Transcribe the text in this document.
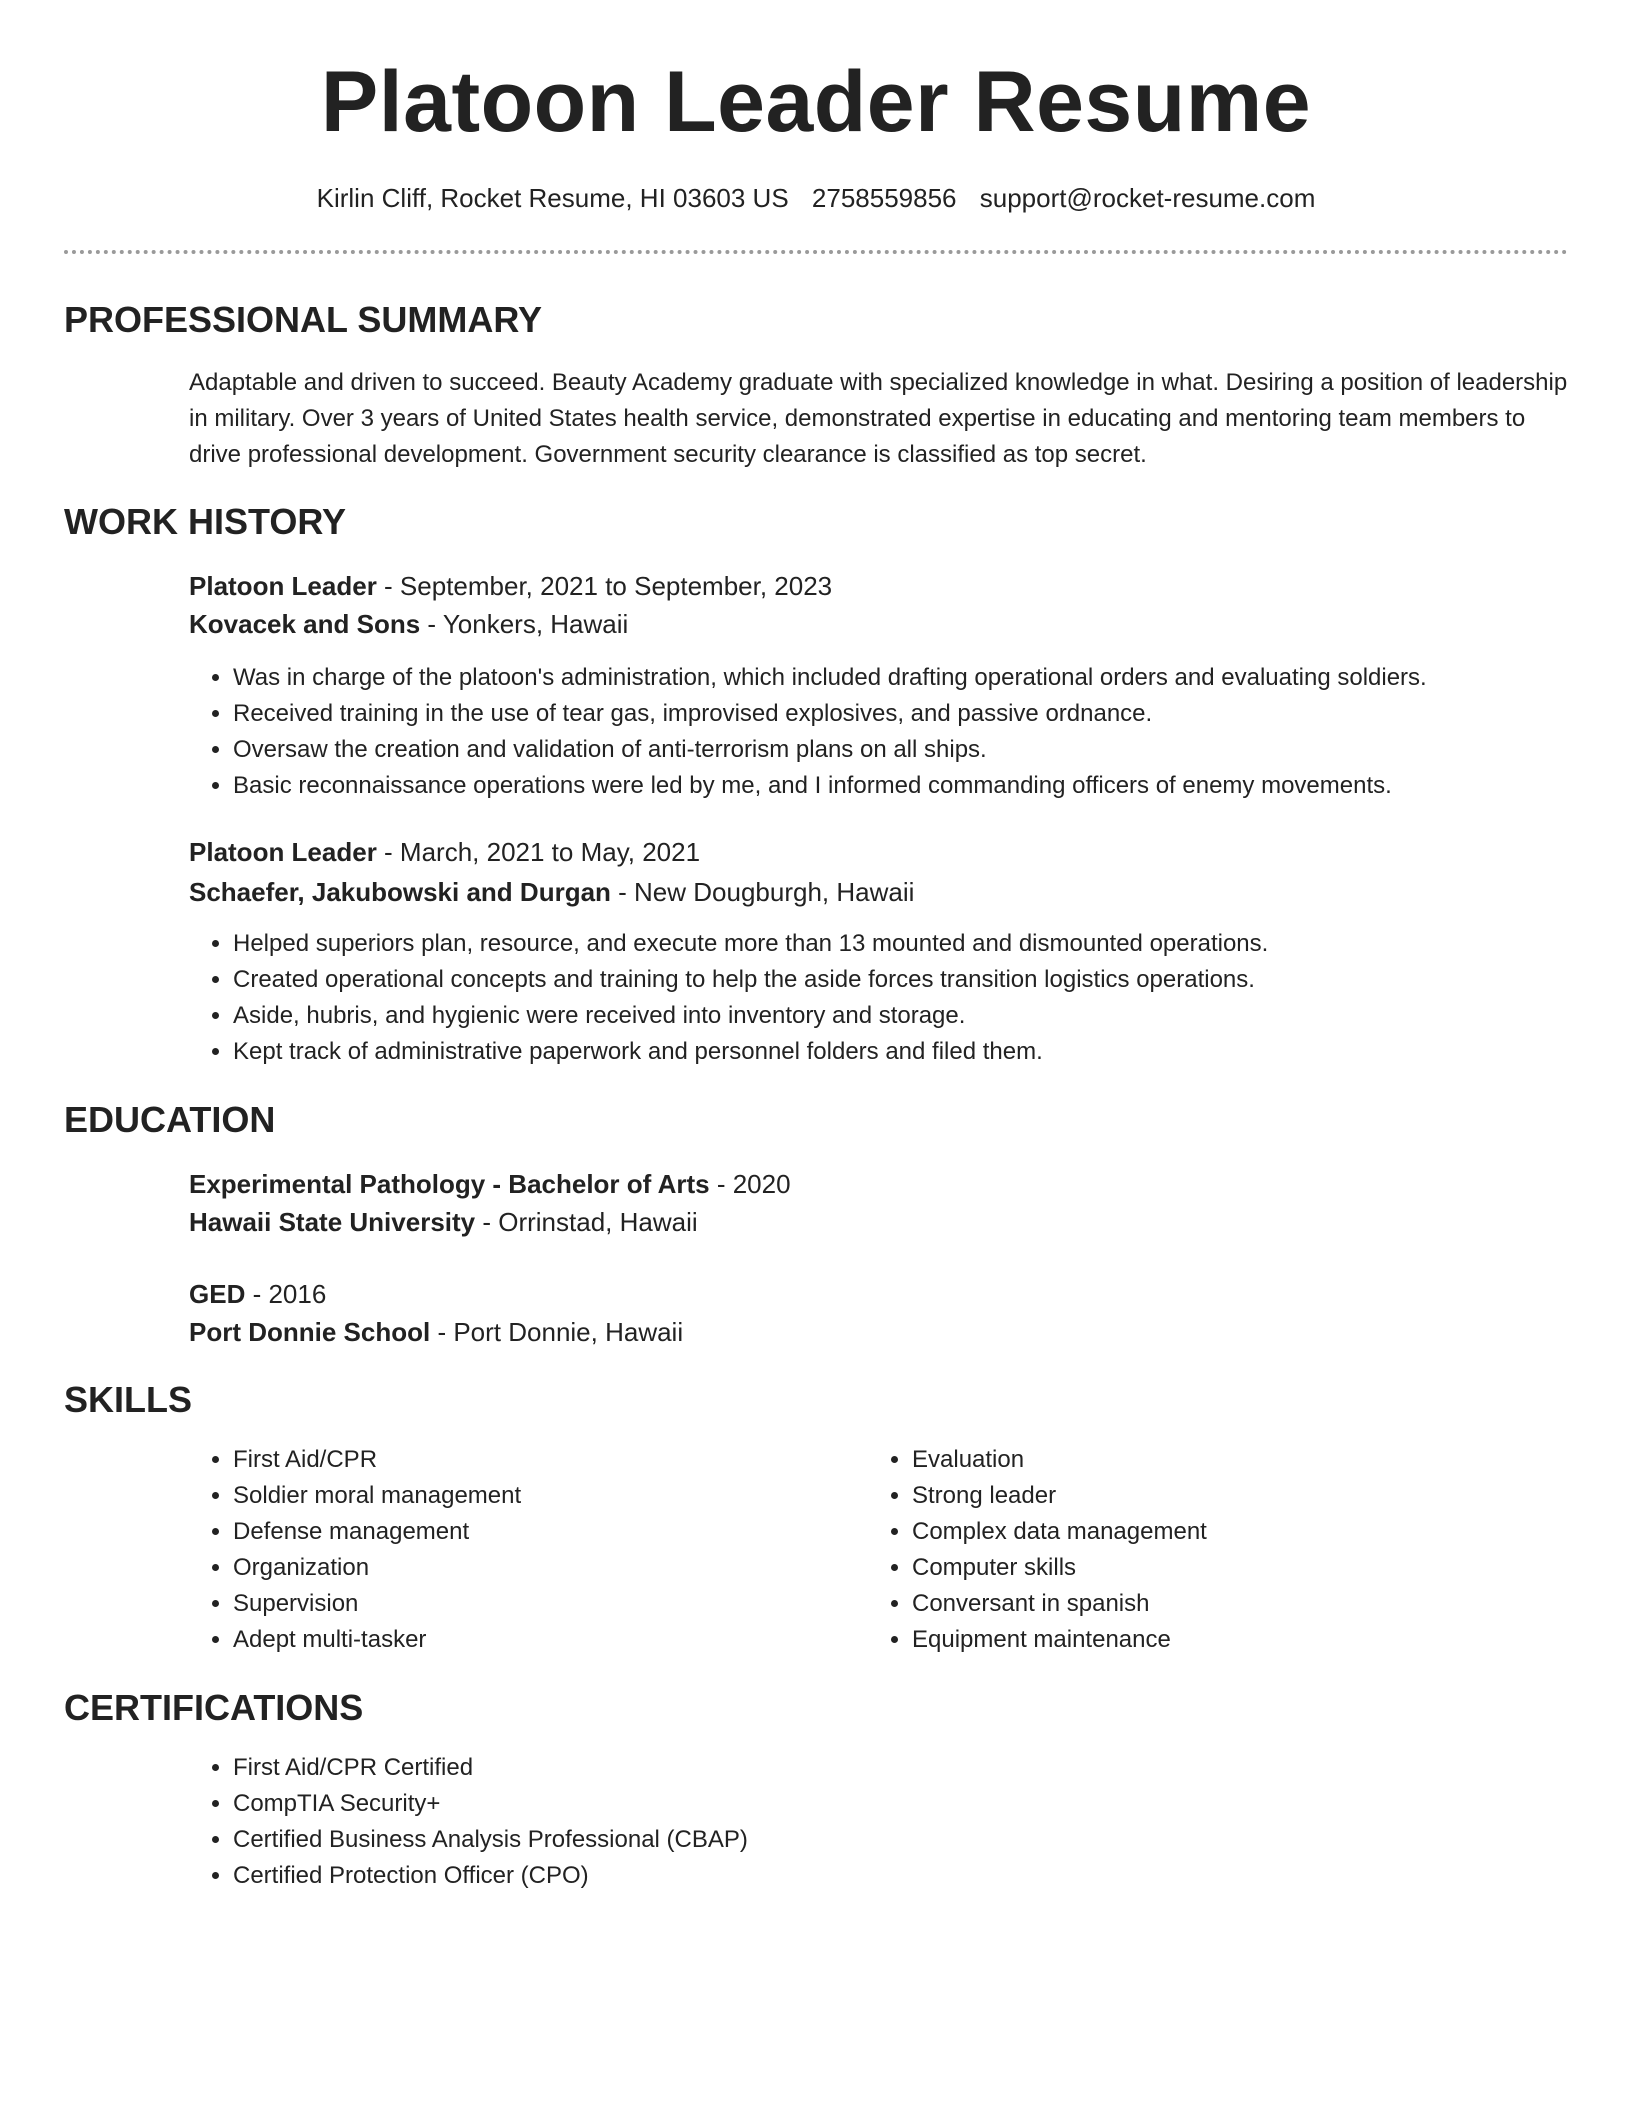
Platoon Leader Resume
Kirlin Cliff, Rocket Resume, HI 03603 US 2758559856 support@rocket-resume.com
PROFESSIONAL SUMMARY
Adaptable and driven to succeed. Beauty Academy graduate with specialized knowledge in what. Desiring a position of leadership in military. Over 3 years of United States health service, demonstrated expertise in educating and mentoring team members to drive professional development. Government security clearance is classified as top secret.
WORK HISTORY
Platoon Leader - September, 2021 to September, 2023
Kovacek and Sons - Yonkers, Hawaii
• Was in charge of the platoon's administration, which included drafting operational orders and evaluating soldiers.
• Received training in the use of tear gas, improvised explosives, and passive ordnance.
• Oversaw the creation and validation of anti-terrorism plans on all ships.
• Basic reconnaissance operations were led by me, and I informed commanding officers of enemy movements.
Platoon Leader - March, 2021 to May, 2021
Schaefer, Jakubowski and Durgan - New Dougburgh, Hawaii
• Helped superiors plan, resource, and execute more than 13 mounted and dismounted operations.
• Created operational concepts and training to help the aside forces transition logistics operations.
• Aside, hubris, and hygienic were received into inventory and storage.
• Kept track of administrative paperwork and personnel folders and filed them.
EDUCATION
Experimental Pathology - Bachelor of Arts - 2020
Hawaii State University - Orrinstad, Hawaii
GED - 2016
Port Donnie School - Port Donnie, Hawaii
SKILLS
• First Aid/CPR
• Soldier moral management
• Defense management
• Organization
• Supervision
• Adept multi-tasker
• Evaluation
• Strong leader
• Complex data management
• Computer skills
• Conversant in spanish
• Equipment maintenance
CERTIFICATIONS
• First Aid/CPR Certified
• CompTIA Security+
• Certified Business Analysis Professional (CBAP)
• Certified Protection Officer (CPO)
